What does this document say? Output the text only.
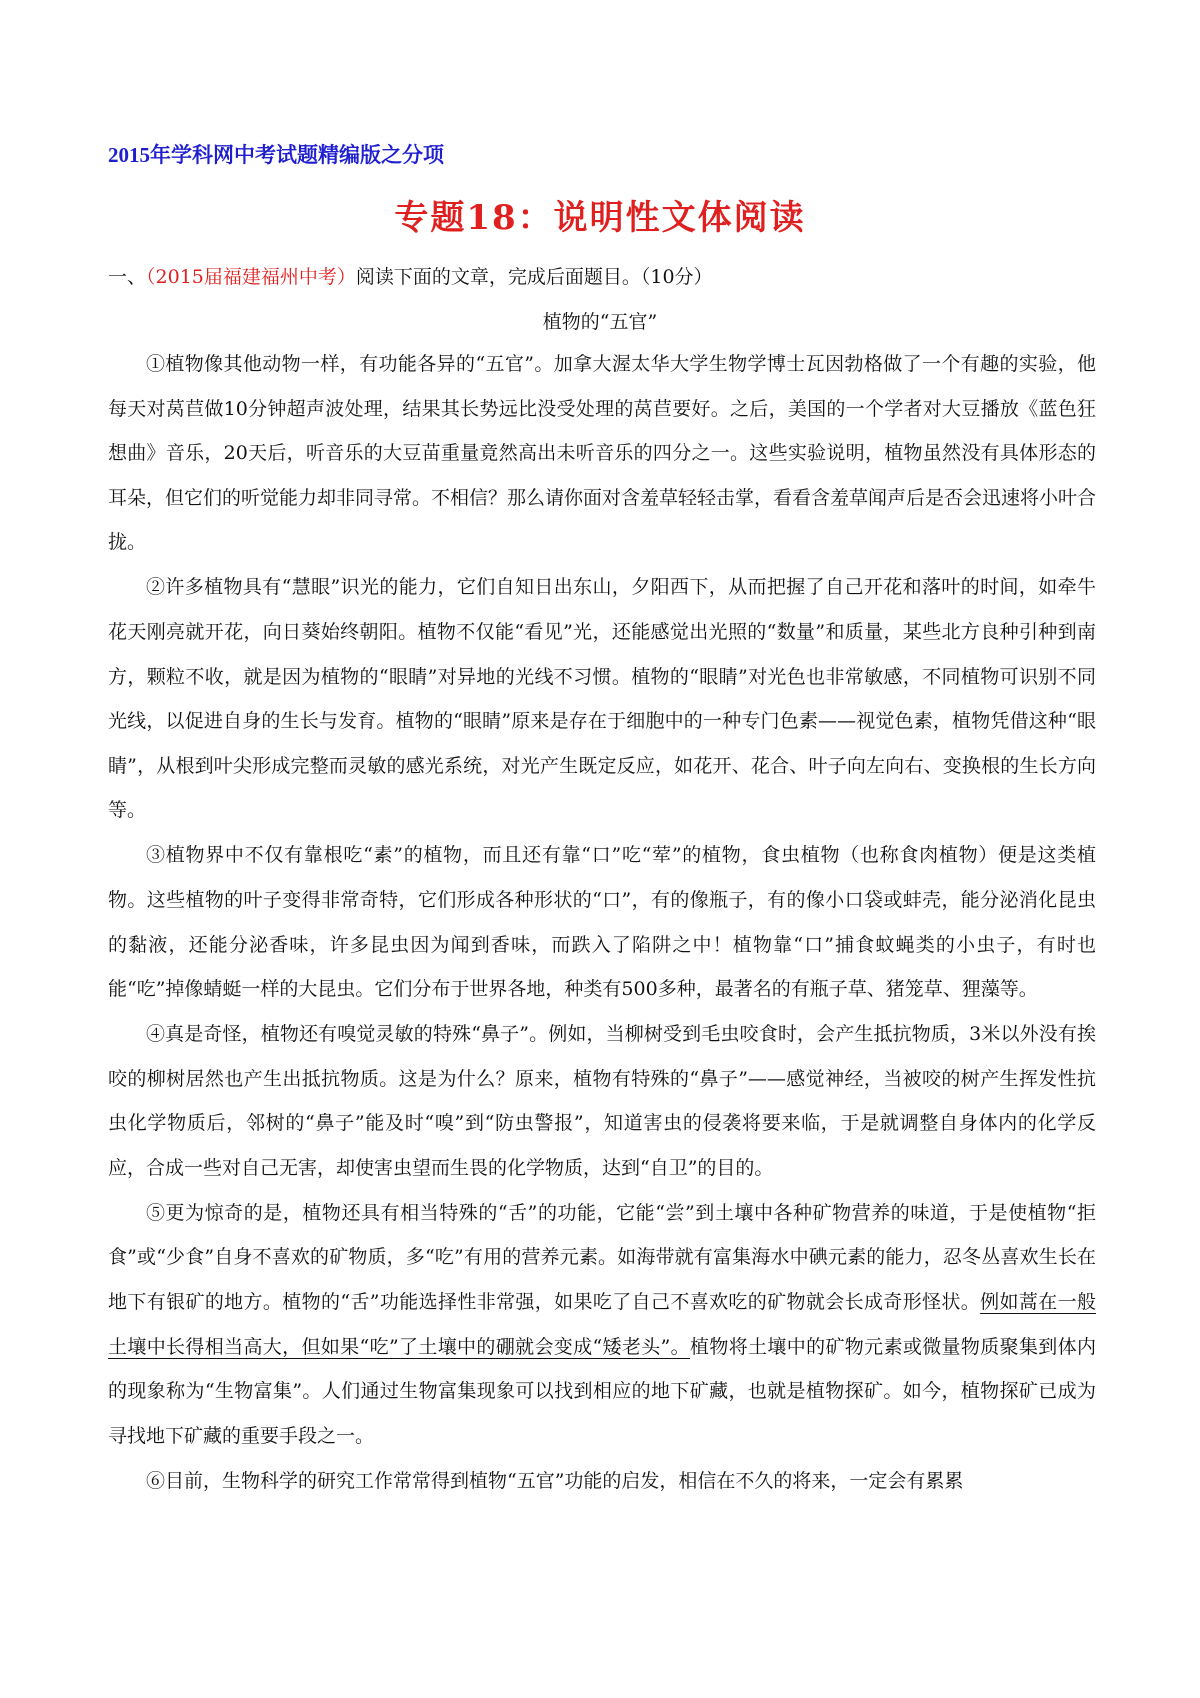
2015年学科网中考试题精编版之分项
专题18：说明性文体阅读
一、（2015届福建福州中考）阅读下面的文章，完成后面题目。（10分）
植物的“五官”

①植物像其他动物一样，有功能各异的“五官”。加拿大渥太华大学生物学博士瓦因勃格做了一个有趣的实验，他每天对莴苣做10分钟超声波处理，结果其长势远比没受处理的莴苣要好。之后，美国的一个学者对大豆播放《蓝色狂想曲》音乐，20天后，听音乐的大豆苗重量竟然高出未听音乐的四分之一。这些实验说明，植物虽然没有具体形态的耳朵，但它们的听觉能力却非同寻常。不相信？那么请你面对含羞草轻轻击掌，看看含羞草闻声后是否会迅速将小叶合拢。

②许多植物具有“慧眼”识光的能力，它们自知日出东山，夕阳西下，从而把握了自己开花和落叶的时间，如牵牛花天刚亮就开花，向日葵始终朝阳。植物不仅能“看见”光，还能感觉出光照的“数量”和质量，某些北方良种引种到南方，颗粒不收，就是因为植物的“眼睛”对异地的光线不习惯。植物的“眼睛”对光色也非常敏感，不同植物可识别不同光线，以促进自身的生长与发育。植物的“眼睛”原来是存在于细胞中的一种专门色素——视觉色素，植物凭借这种“眼睛”，从根到叶尖形成完整而灵敏的感光系统，对光产生既定反应，如花开、花合、叶子向左向右、变换根的生长方向等。

③植物界中不仅有靠根吃“素”的植物，而且还有靠“口”吃“荤”的植物，食虫植物（也称食肉植物）便是这类植物。这些植物的叶子变得非常奇特，它们形成各种形状的“口”，有的像瓶子，有的像小口袋或蚌壳，能分泌消化昆虫的黏液，还能分泌香味，许多昆虫因为闻到香味，而跌入了陷阱之中！植物靠“口”捕食蚊蝇类的小虫子，有时也能“吃”掉像蜻蜓一样的大昆虫。它们分布于世界各地，种类有500多种，最著名的有瓶子草、猪笼草、狸藻等。

④真是奇怪，植物还有嗅觉灵敏的特殊“鼻子”。例如，当柳树受到毛虫咬食时，会产生抵抗物质，3米以外没有挨咬的柳树居然也产生出抵抗物质。这是为什么？原来，植物有特殊的“鼻子”——感觉神经，当被咬的树产生挥发性抗虫化学物质后，邻树的“鼻子”能及时“嗅”到“防虫警报”，知道害虫的侵袭将要来临，于是就调整自身体内的化学反应，合成一些对自己无害，却使害虫望而生畏的化学物质，达到“自卫”的目的。

⑤更为惊奇的是，植物还具有相当特殊的“舌”的功能，它能“尝”到土壤中各种矿物营养的味道，于是使植物“拒食”或“少食”自身不喜欢的矿物质，多“吃”有用的营养元素。如海带就有富集海水中碘元素的能力，忍冬丛喜欢生长在地下有银矿的地方。植物的“舌”功能选择性非常强，如果吃了自己不喜欢吃的矿物就会长成奇形怪状。例如蒿在一般土壤中长得相当高大，但如果“吃”了土壤中的硼就会变成“矮老头”。植物将土壤中的矿物元素或微量物质聚集到体内的现象称为“生物富集”。人们通过生物富集现象可以找到相应的地下矿藏，也就是植物探矿。如今，植物探矿已成为寻找地下矿藏的重要手段之一。

⑥目前，生物科学的研究工作常常得到植物“五官”功能的启发，相信在不久的将来，一定会有累累
